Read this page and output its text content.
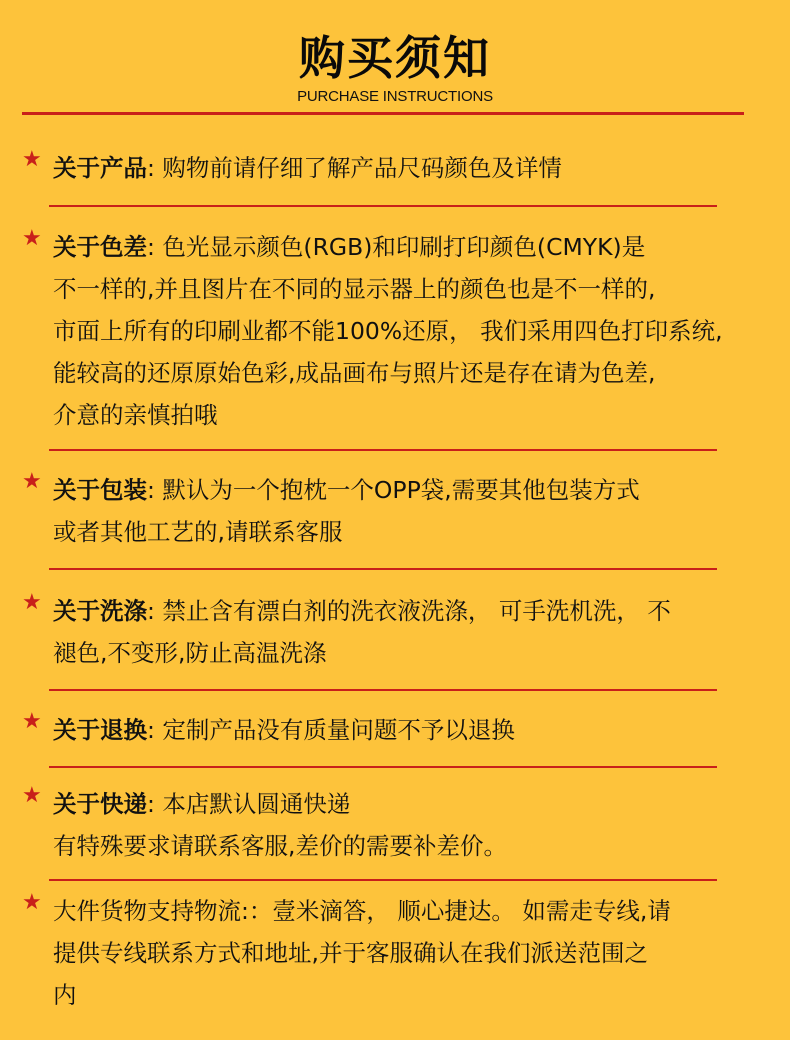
购买须知
PURCHASE INSTRUCTIONS
★ 关于产品: 购物前请仔细了解产品尺码颜色及详情
★ 关于色差: 色光显示颜色(RGB)和印刷打印颜色(CMYK)是
不一样的,并且图片在不同的显示器上的颜色也是不一样的,
市面上所有的印刷业都不能100%还原， 我们采用四色打印系统,
能较高的还原原始色彩,成品画布与照片还是存在请为色差,
介意的亲慎拍哦
★ 关于包装: 默认为一个抱枕一个OPP袋,需要其他包装方式
或者其他工艺的,请联系客服
★ 关于洗涤: 禁止含有漂白剂的洗衣液洗涤， 可手洗机洗， 不
褪色,不变形,防止高温洗涤
★ 关于退换: 定制产品没有质量问题不予以退换
★ 关于快递: 本店默认圆通快递
有特殊要求请联系客服,差价的需要补差价。
★ 大件货物支持物流:：壹米滴答， 顺心捷达。 如需走专线,请
提供专线联系方式和地址,并于客服确认在我们派送范围之
内
